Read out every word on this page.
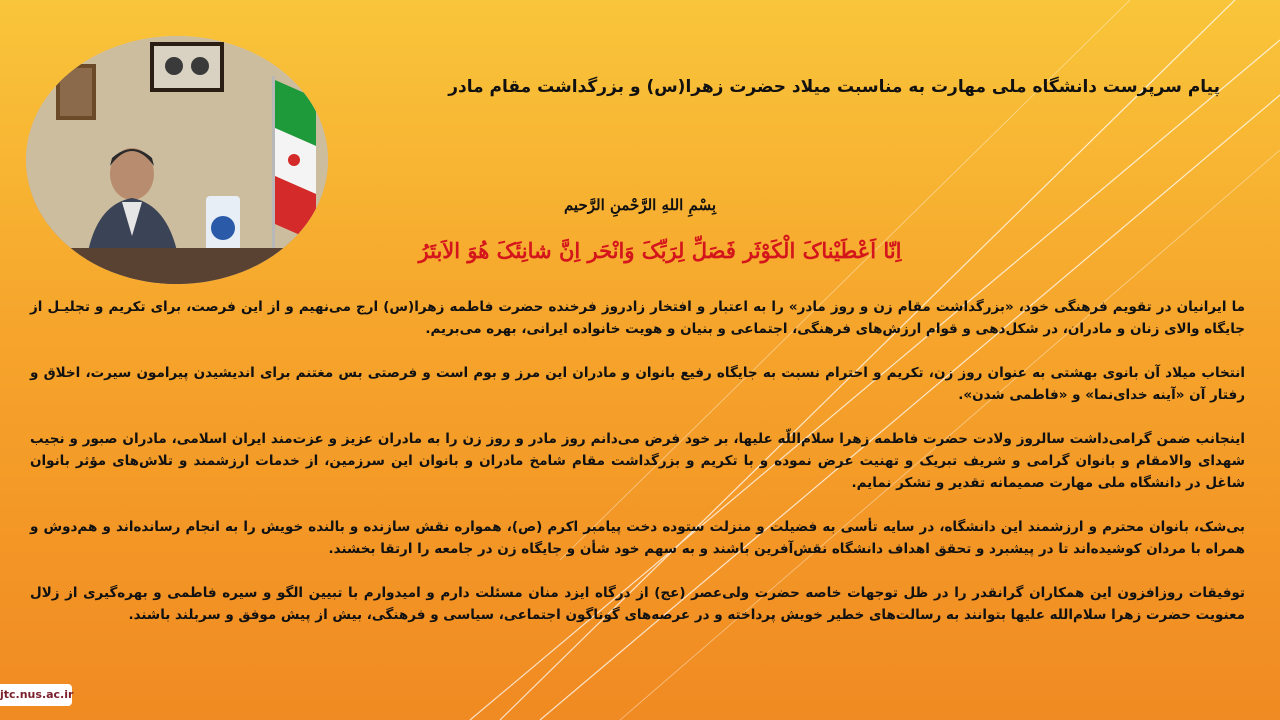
پیام سرپرست دانشگاه ملی مهارت به مناسبت میلاد حضرت زهرا(س) و بزرگداشت مقام مادر
بِسْمِ اللهِ الرَّحْمنِ الرَّحیم
اِنّا اَعْطَیْناکَ الْکَوْثَر فَصَلِّ لِرَبِّکَ وَانْحَر اِنَّ شانِئَکَ هُوَ الاَبتَرُ

ما ایرانیان در تقویم فرهنگی خود، «بزرگداشت مقام زن و روز مادر» را به اعتبار و افتخار زادروز فرخنده حضرت فاطمه زهرا(س) ارج می‌نهیم و از این فرصت، برای تکریم و تجلیـل از جایگاه والای زنان و مادران، در شکل‌دهی و قوام ارزش‌های فرهنگی، اجتماعی و بنیان و هویت خانواده ایرانی، بهره می‌بریم.

انتخاب میلاد آن بانوی بهشتی به عنوان روز زن، تکریم و احترام نسبت به جایگاه رفیع بانوان و مادران این مرز و بوم است و فرصتی بس مغتنم برای اندیشیدن پیرامون سیرت، اخلاق و رفتار آن «آینه خدای‌نما» و «فاطمی شدن».

اینجانب ضمن گرامی‌داشت سالروز ولادت حضرت فاطمه زهرا سلام‌اللّه علیها، بر خود فرض می‌دانم روز مادر و روز زن را به مادران عزیز و عزت‌مند ایران اسلامی، مادران صبور و نجیب شهدای والامقام و بانوان گرامی و شریف تبریک و تهنیت عرض نموده و با تکریم و بزرگداشت مقام شامخ مادران و بانوان این سرزمین، از خدمات ارزشمند و تلاش‌های مؤثر بانوان شاغل در دانشگاه ملی مهارت صمیمانه تقدیر و تشکر نمایم.

بی‌شک، بانوان محترم و ارزشمند این دانشگاه، در سایه تأسی به فضیلت و منزلت ستوده دخت پیامبر اکرم (ص)، همواره نقش سازنده و بالنده خویش را به انجام رسانده‌اند و هم‌دوش و همراه با مردان کوشیده‌اند تا در پیشبرد و تحقق اهداف دانشگاه نقش‌آفرین باشند و به سهم خود شأن و جایگاه زن در جامعه را ارتقا بخشند.

توفیقات روزافزون این همکاران گرانقدر را در ظل توجهات خاصه حضرت ولی‌عصر (عج) از درگاه ایزد منان مسئلت دارم و امیدوارم با تبیین الگو و سیره فاطمی و بهره‌گیری از زلال معنویت حضرت زهرا سلام‌الله علیها بتوانند به رسالت‌های خطیر خویش پرداخته و در عرصه‌های گوناگون اجتماعی، سیاسی و فرهنگی، بیش از پیش موفق و سربلند باشند.

jtc.nus.ac.ir
